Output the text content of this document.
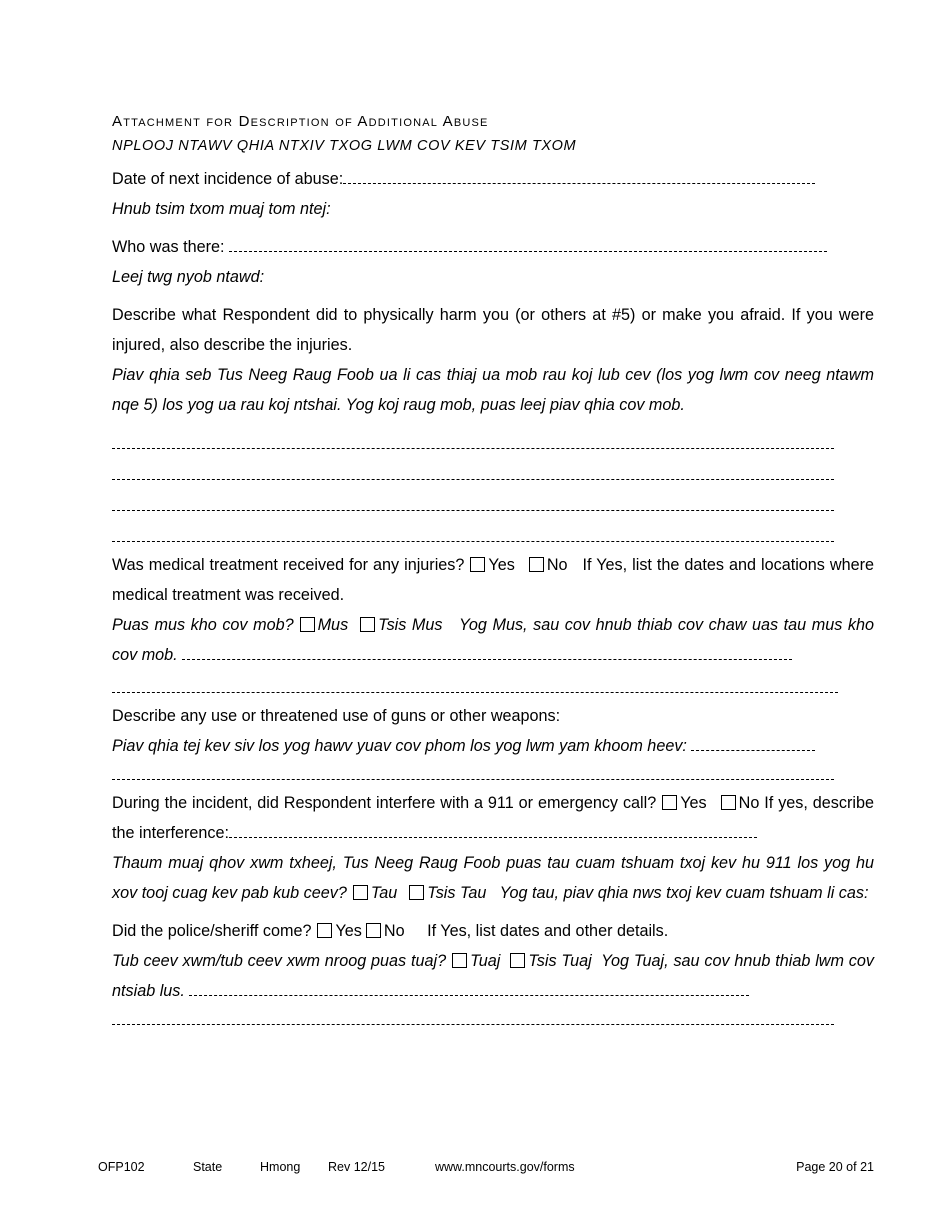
Attachment for Description of Additional Abuse
NPLOOJ NTAWV QHIA NTXIV TXOG LWM COV KEV TSIM TXOM
Date of next incidence of abuse:
Hnub tsim txom muaj tom ntej:
Who was there:
Leej twg nyob ntawd:
Describe what Respondent did to physically harm you (or others at #5) or make you afraid. If you were injured, also describe the injuries.
Piav qhia seb Tus Neeg Raug Foob ua li cas thiaj ua mob rau koj lub cev (los yog lwm cov neeg ntawm nqe 5) los yog ua rau koj ntshai. Yog koj raug mob, puas leej piav qhia cov mob.
Was medical treatment received for any injuries? Yes No If Yes, list the dates and locations where medical treatment was received.
Puas mus kho cov mob? Mus Tsis Mus Yog Mus, sau cov hnub thiab cov chaw uas tau mus kho cov mob.
Describe any use or threatened use of guns or other weapons:
Piav qhia tej kev siv los yog hawv yuav cov phom los yog lwm yam khoom heev:
During the incident, did Respondent interfere with a 911 or emergency call? Yes No If yes, describe the interference:
Thaum muaj qhov xwm txheej, Tus Neeg Raug Foob puas tau cuam tshuam txoj kev hu 911 los yog hu xov tooj cuag kev pab kub ceev? Tau Tsis Tau Yog tau, piav qhia nws txoj kev cuam tshuam li cas:
Did the police/sheriff come? Yes No If Yes, list dates and other details.
Tub ceev xwm/tub ceev xwm nroog puas tuaj? Tuaj Tsis Tuaj Yog Tuaj, sau cov hnub thiab lwm cov ntsiab lus.
OFP102	State	Hmong Rev 12/15	www.mncourts.gov/forms	Page 20 of 21
